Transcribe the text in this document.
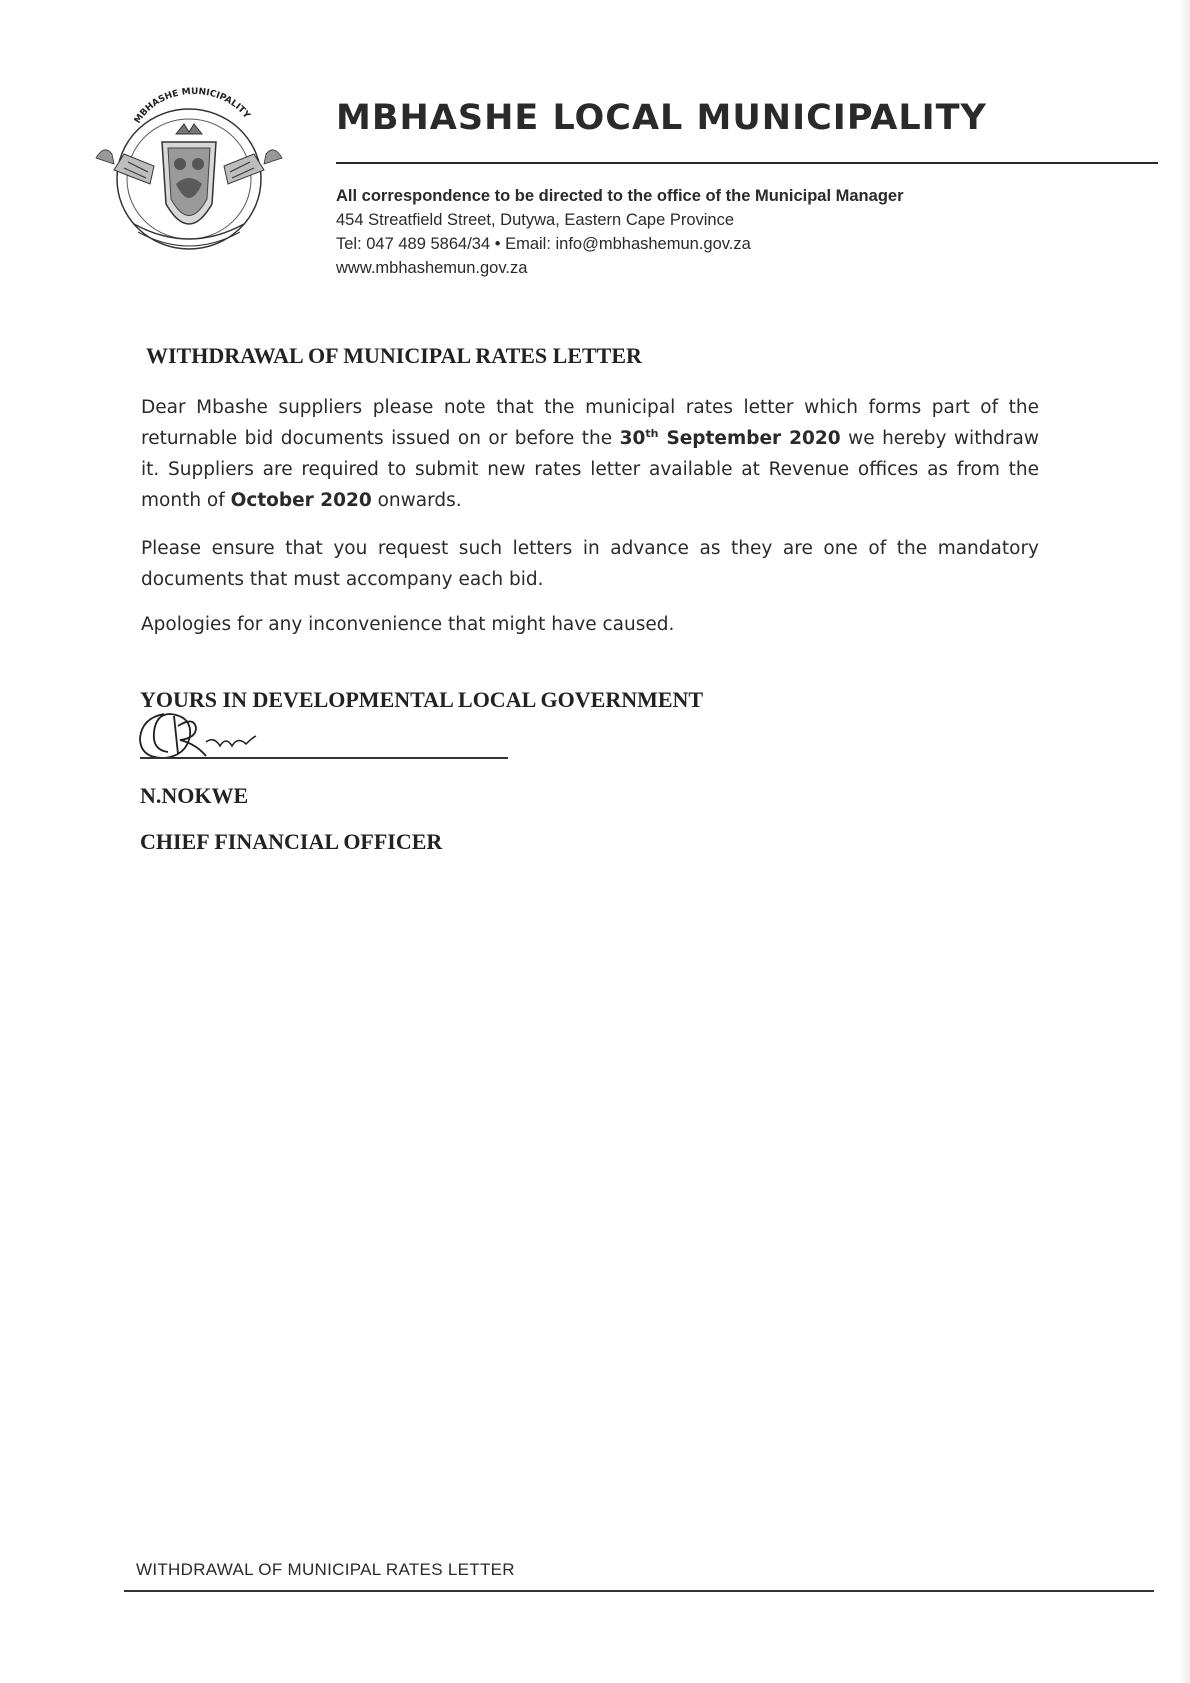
MBHASHE MUNICIPALITY MBHASHE LOCAL MUNICIPALITY
All correspondence to be directed to the office of the Municipal Manager
454 Streatfield Street, Dutywa, Eastern Cape Province
Tel: 047 489 5864/34 • Email: info@mbhashemun.gov.za
www.mbhashemun.gov.za
WITHDRAWAL OF MUNICIPAL RATES LETTER

Dear Mbashe suppliers please note that the municipal rates letter which forms part of the returnable bid documents issued on or before the 30th September 2020 we hereby withdraw it. Suppliers are required to submit new rates letter available at Revenue offices as from the month of October 2020 onwards.

Please ensure that you request such letters in advance as they are one of the mandatory documents that must accompany each bid.

Apologies for any inconvenience that might have caused.

YOURS IN DEVELOPMENTAL LOCAL GOVERNMENT
N.NOKWE
CHIEF FINANCIAL OFFICER
WITHDRAWAL OF MUNICIPAL RATES LETTER
